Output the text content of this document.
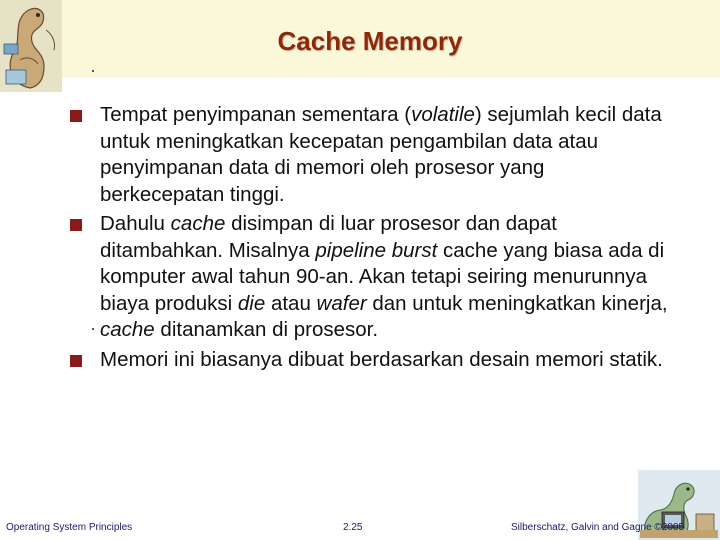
Cache Memory
Tempat penyimpanan sementara (volatile) sejumlah kecil data untuk meningkatkan kecepatan pengambilan data atau penyimpanan data di memori oleh prosesor yang berkecepatan tinggi.
Dahulu cache disimpan di luar prosesor dan dapat ditambahkan. Misalnya pipeline burst cache yang biasa ada di komputer awal tahun 90-an. Akan tetapi seiring menurunnya biaya produksi die atau wafer dan untuk meningkatkan kinerja, cache ditanamkan di prosesor.
Memori ini biasanya dibuat berdasarkan desain memori statik.
Operating System Principles	2.25	Silberschatz, Galvin and Gagne ©2005
